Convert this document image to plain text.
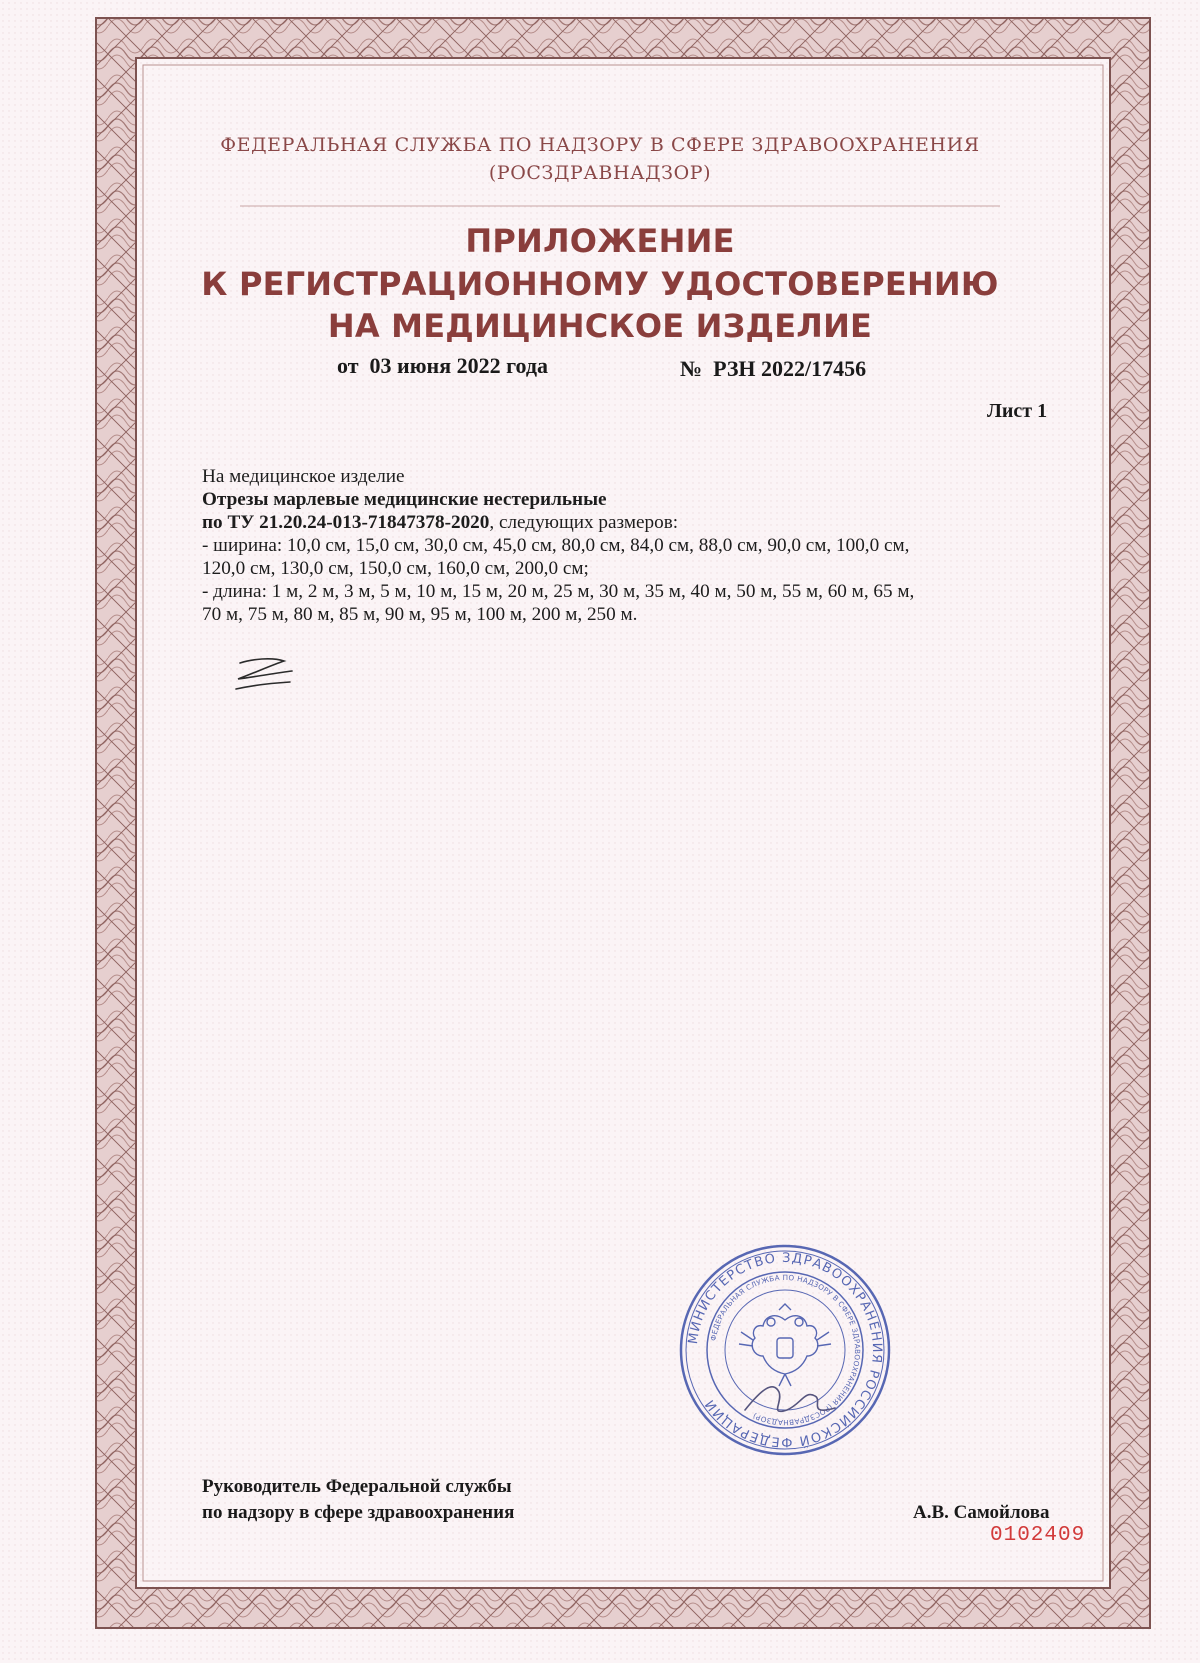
ФЕДЕРАЛЬНАЯ СЛУЖБА ПО НАДЗОРУ В СФЕРЕ ЗДРАВООХРАНЕНИЯ
(РОСЗДРАВНАДЗОР)
ПРИЛОЖЕНИЕ
К РЕГИСТРАЦИОННОМУ УДОСТОВЕРЕНИЮ
НА МЕДИЦИНСКОЕ ИЗДЕЛИЕ
от 03 июня 2022 года	№ РЗН 2022/17456
Лист 1
На медицинское изделие
Отрезы марлевые медицинские нестерильные
по ТУ 21.20.24-013-71847378-2020, следующих размеров:
- ширина: 10,0 см, 15,0 см, 30,0 см, 45,0 см, 80,0 см, 84,0 см, 88,0 см, 90,0 см, 100,0 см,
120,0 см, 130,0 см, 150,0 см, 160,0 см, 200,0 см;
- длина: 1 м, 2 м, 3 м, 5 м, 10 м, 15 м, 20 м, 25 м, 30 м, 35 м, 40 м, 50 м, 55 м, 60 м, 65 м,
70 м, 75 м, 80 м, 85 м, 90 м, 95 м, 100 м, 200 м, 250 м.
МИНИСТЕРСТВО ЗДРАВООХРАНЕНИЯ РОССИЙСКОЙ ФЕДЕРАЦИИ
ФЕДЕРАЛЬНАЯ СЛУЖБА ПО НАДЗОРУ В СФЕРЕ ЗДРАВООХРАНЕНИЯ (РОСЗДРАВНАДЗОР)
Руководитель Федеральной службы
по надзору в сфере здравоохранения	А.В. Самойлова
0102409
